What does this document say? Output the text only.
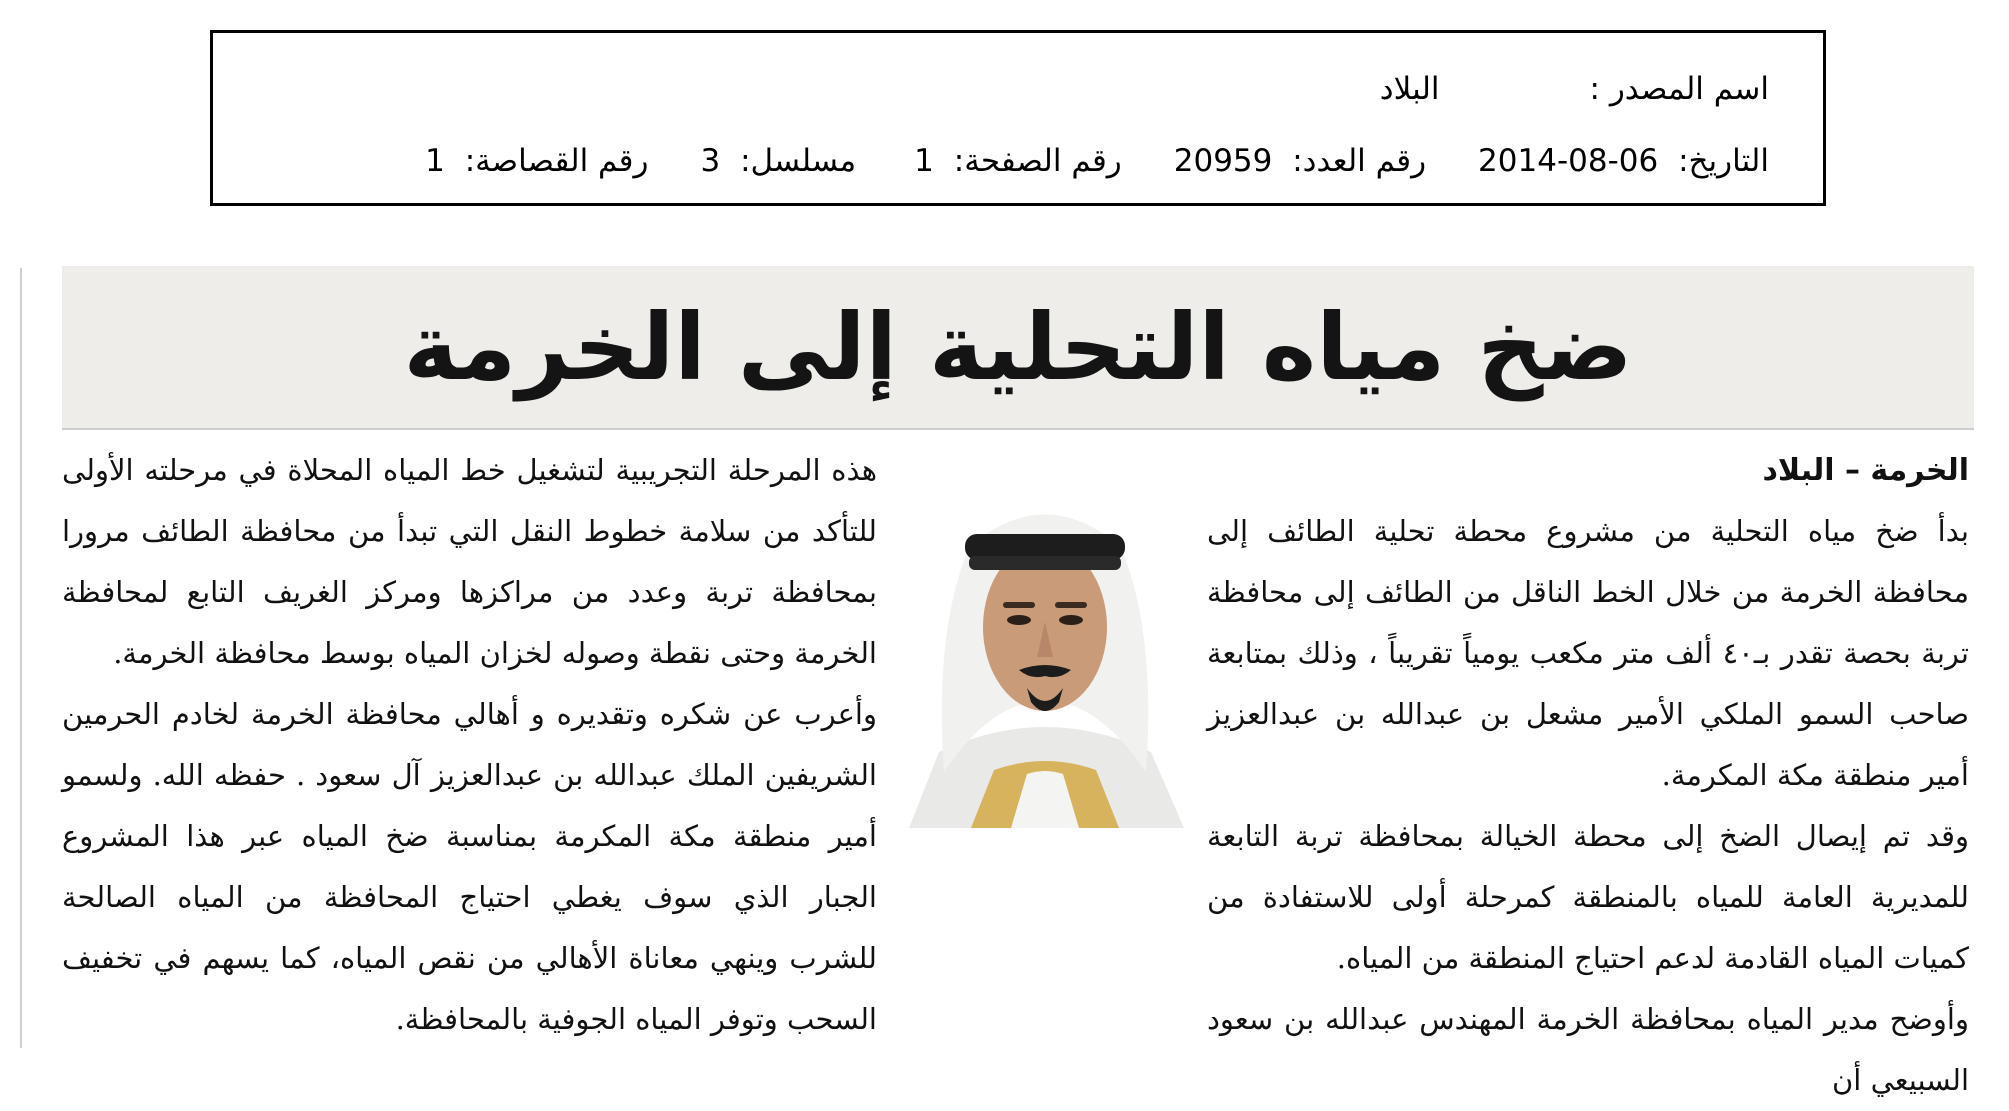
اسم المصدر :
البلاد
التاريخ: 2014-08-06
رقم العدد: 20959
رقم الصفحة: 1
مسلسل: 3
رقم القصاصة: 1
ضخ مياه التحلية إلى الخرمة

الخرمة – البلاد

بدأ ضخ مياه التحلية من مشروع محطة تحلية الطائف إلى محافظة الخرمة من خلال الخط الناقل من الطائف إلى محافظة تربة بحصة تقدر بـ٤٠ ألف متر مكعب يومياً تقريباً ، وذلك بمتابعة صاحب السمو الملكي الأمير مشعل بن عبدالله بن عبدالعزيز أمير منطقة مكة المكرمة.

وقد تم إيصال الضخ إلى محطة الخيالة بمحافظة تربة التابعة للمديرية العامة للمياه بالمنطقة كمرحلة أولى للاستفادة من كميات المياه القادمة لدعم احتياج المنطقة من المياه.

وأوضح مدير المياه بمحافظة الخرمة المهندس عبدالله بن سعود السبيعي أن

هذه المرحلة التجريبية لتشغيل خط المياه المحلاة في مرحلته الأولى للتأكد من سلامة خطوط النقل التي تبدأ من محافظة الطائف مرورا بمحافظة تربة وعدد من مراكزها ومركز الغريف التابع لمحافظة الخرمة وحتى نقطة وصوله لخزان المياه بوسط محافظة الخرمة.

وأعرب عن شكره وتقديره و أهالي محافظة الخرمة لخادم الحرمين الشريفين الملك عبدالله بن عبدالعزيز آل سعود . حفظه الله. ولسمو أمير منطقة مكة المكرمة بمناسبة ضخ المياه عبر هذا المشروع الجبار الذي سوف يغطي احتياج المحافظة من المياه الصالحة للشرب وينهي معاناة الأهالي من نقص المياه، كما يسهم في تخفيف السحب وتوفر المياه الجوفية بالمحافظة.
